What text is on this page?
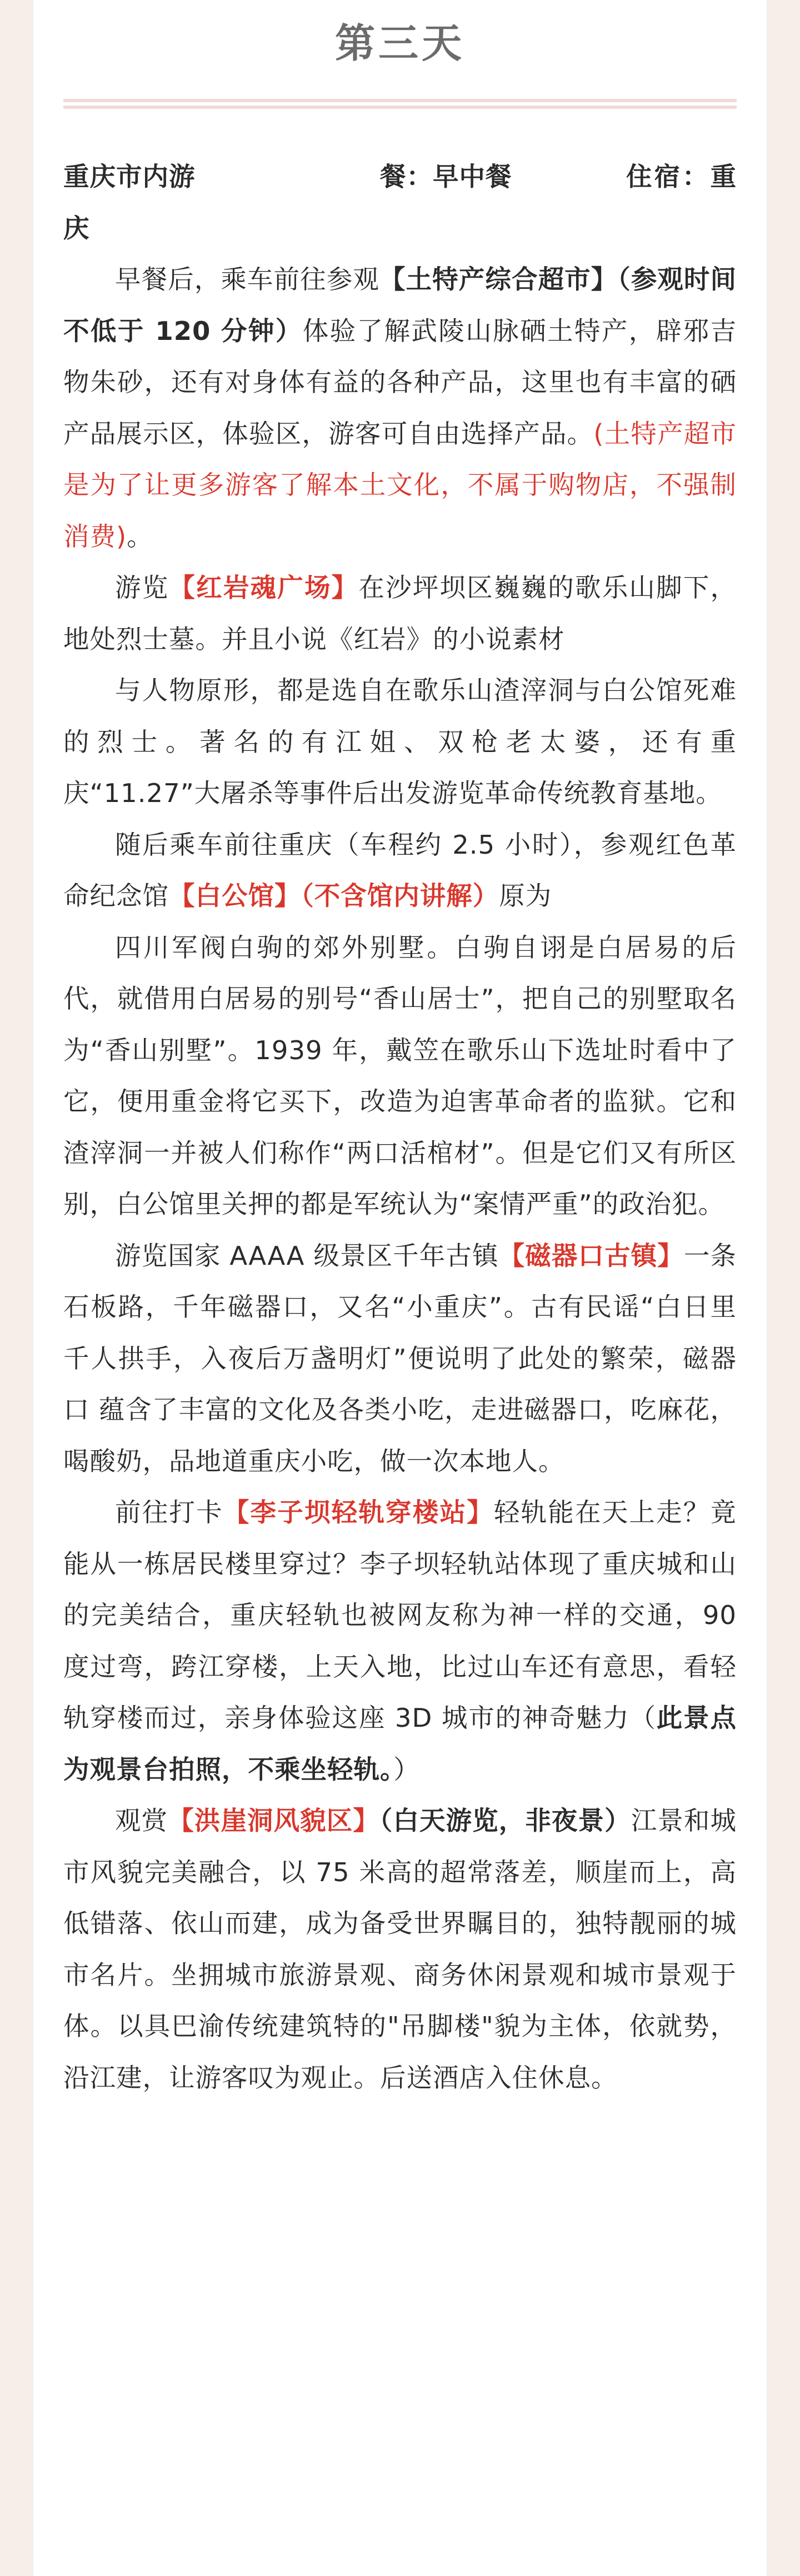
第三天

重庆市内游	餐：早中餐	住宿：重庆

早餐后，乘车前往参观【土特产综合超市】（参观时间不低于 120 分钟）体验了解武陵山脉硒土特产，辟邪吉物朱砂，还有对身体有益的各种产品，这里也有丰富的硒产品展示区，体验区，游客可自由选择产品。(土特产超市是为了让更多游客了解本土文化，不属于购物店，不强制消费)。

游览【红岩魂广场】在沙坪坝区巍巍的歌乐山脚下，地处烈士墓。并且小说《红岩》的小说素材

与人物原形，都是选自在歌乐山渣滓洞与白公馆死难的烈士。著名的有江姐、双枪老太婆，还有重庆“11.27”大屠杀等事件后出发游览革命传统教育基地。

随后乘车前往重庆（车程约 2.5 小时），参观红色革命纪念馆【白公馆】（不含馆内讲解）原为

四川军阀白驹的郊外别墅。白驹自诩是白居易的后代，就借用白居易的别号“香山居士”，把自己的别墅取名为“香山别墅”。1939 年，戴笠在歌乐山下选址时看中了它，便用重金将它买下，改造为迫害革命者的监狱。它和渣滓洞一并被人们称作“两口活棺材”。但是它们又有所区别，白公馆里关押的都是军统认为“案情严重”的政治犯。

游览国家 AAAA 级景区千年古镇【磁器口古镇】一条石板路，千年磁器口，又名“小重庆”。古有民谣“白日里千人拱手，入夜后万盏明灯”便说明了此处的繁荣，磁器口 蕴含了丰富的文化及各类小吃，走进磁器口，吃麻花，喝酸奶，品地道重庆小吃，做一次本地人。

前往打卡【李子坝轻轨穿楼站】轻轨能在天上走？竟能从一栋居民楼里穿过？李子坝轻轨站体现了重庆城和山的完美结合，重庆轻轨也被网友称为神一样的交通，90 度过弯，跨江穿楼，上天入地，比过山车还有意思，看轻轨穿楼而过，亲身体验这座 3D 城市的神奇魅力（此景点为观景台拍照，不乘坐轻轨。）

观赏【洪崖洞风貌区】（白天游览，非夜景）江景和城市风貌完美融合，以 75 米高的超常落差，顺崖而上，高低错落、依山而建，成为备受世界瞩目的，独特靓丽的城市名片。坐拥城市旅游景观、商务休闲景观和城市景观于体。以具巴渝传统建筑特的"吊脚楼"貌为主体，依就势，沿江建，让游客叹为观止。后送酒店入住休息。
